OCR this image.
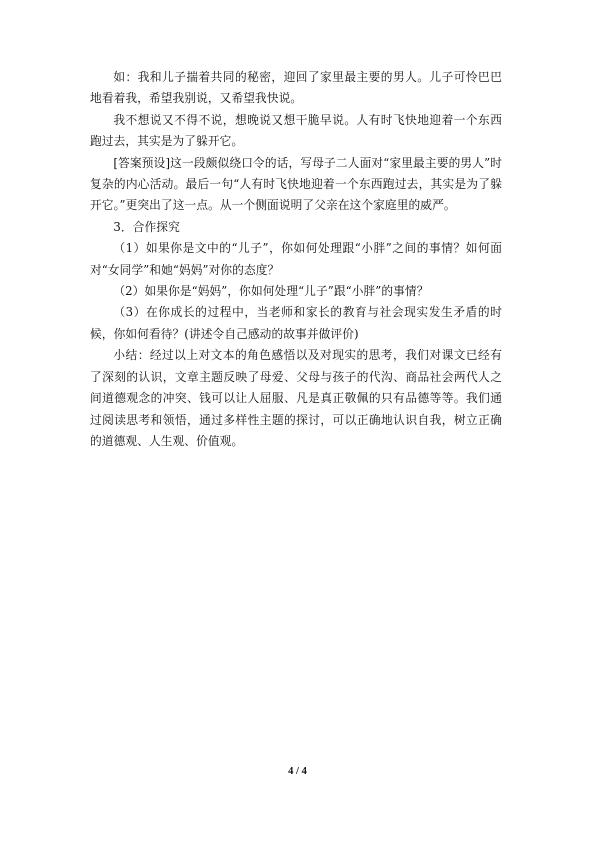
如：我和儿子揣着共同的秘密，迎回了家里最主要的男人。儿子可怜巴巴地看着我，希望我别说，又希望我快说。

我不想说又不得不说，想晚说又想干脆早说。人有时飞快地迎着一个东西跑过去，其实是为了躲开它。

[答案预设]这一段颇似绕口令的话，写母子二人面对“家里最主要的男人”时复杂的内心活动。最后一句“人有时飞快地迎着一个东西跑过去，其实是为了躲开它。”更突出了这一点。从一个侧面说明了父亲在这个家庭里的威严。

3．合作探究

（1）如果你是文中的“儿子”，你如何处理跟“小胖”之间的事情？如何面对“女同学”和她“妈妈”对你的态度？

（2）如果你是“妈妈”，你如何处理“儿子”跟“小胖”的事情？

（3）在你成长的过程中，当老师和家长的教育与社会现实发生矛盾的时候，你如何看待？(讲述令自己感动的故事并做评价)

小结：经过以上对文本的角色感悟以及对现实的思考，我们对课文已经有了深刻的认识，文章主题反映了母爱、父母与孩子的代沟、商品社会两代人之间道德观念的冲突、钱可以让人屈服、凡是真正敬佩的只有品德等等。我们通过阅读思考和领悟，通过多样性主题的探讨，可以正确地认识自我，树立正确的道德观、人生观、价值观。

4 / 4
